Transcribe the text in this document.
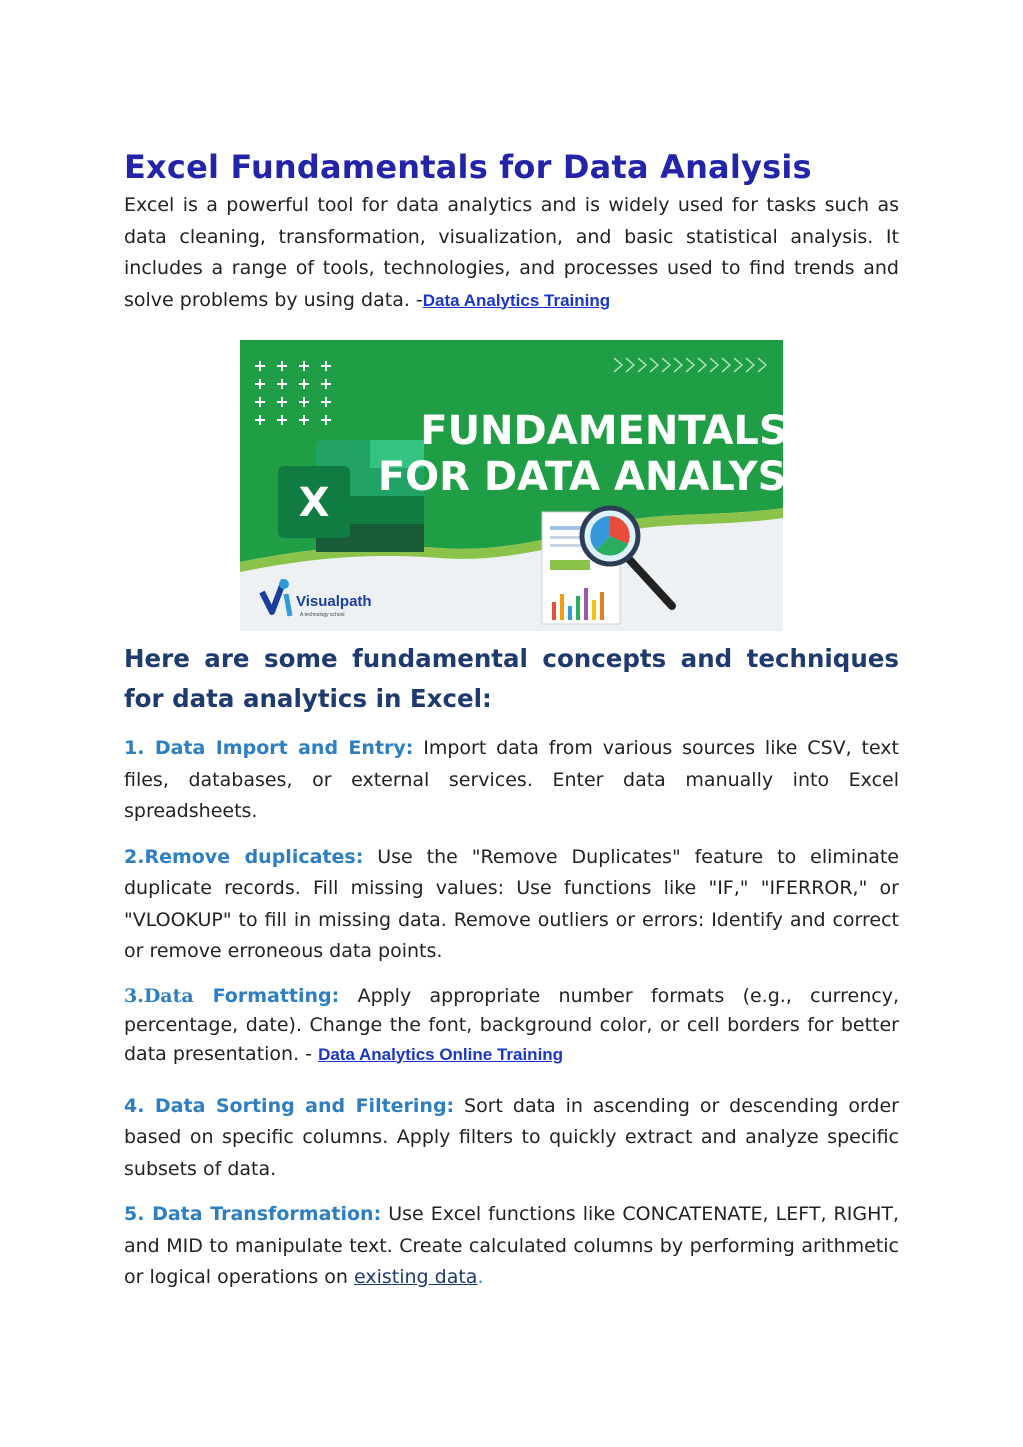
Excel Fundamentals for Data Analysis

Excel is a powerful tool for data analytics and is widely used for tasks such as data cleaning, transformation, visualization, and basic statistical analysis. It includes a range of tools, technologies, and processes used to find trends and solve problems by using data. -Data Analytics Training

X
FUNDAMENTALS
FOR DATA ANALYSIS
Visualpath
A technology school
Here are some fundamental concepts and techniques for data analytics in Excel:

1. Data Import and Entry: Import data from various sources like CSV, text files, databases, or external services. Enter data manually into Excel spreadsheets.

2.Remove duplicates: Use the "Remove Duplicates" feature to eliminate duplicate records. Fill missing values: Use functions like "IF," "IFERROR," or "VLOOKUP" to fill in missing data. Remove outliers or errors: Identify and correct or remove erroneous data points.

3.Data Formatting: Apply appropriate number formats (e.g., currency, percentage, date). Change the font, background color, or cell borders for better data presentation. - Data Analytics Online Training

4. Data Sorting and Filtering: Sort data in ascending or descending order based on specific columns. Apply filters to quickly extract and analyze specific subsets of data.

5. Data Transformation: Use Excel functions like CONCATENATE, LEFT, RIGHT, and MID to manipulate text. Create calculated columns by performing arithmetic or logical operations on existing data.
